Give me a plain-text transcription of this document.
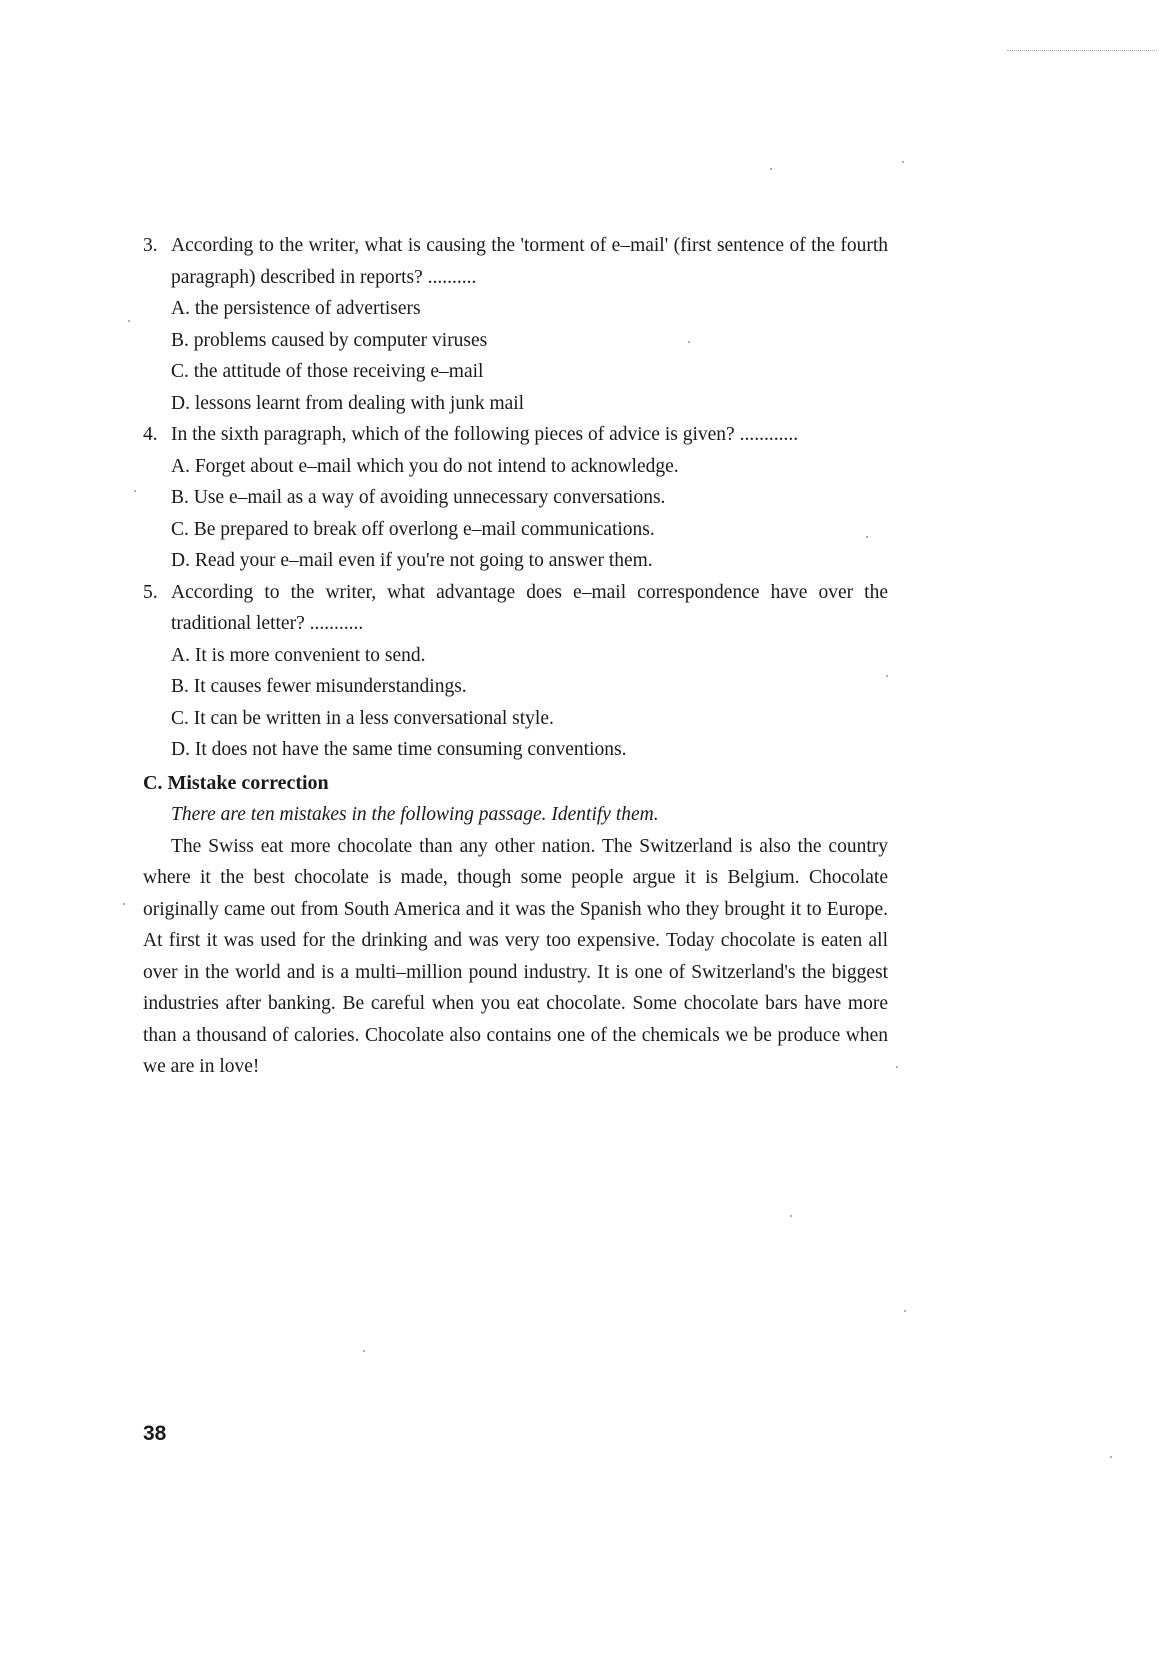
3. According to the writer, what is causing the 'torment of e–mail' (first sentence of the fourth paragraph) described in reports? ..........
A. the persistence of advertisers
B. problems caused by computer viruses
C. the attitude of those receiving e–mail
D. lessons learnt from dealing with junk mail
4. In the sixth paragraph, which of the following pieces of advice is given? ............
A. Forget about e–mail which you do not intend to acknowledge.
B. Use e–mail as a way of avoiding unnecessary conversations.
C. Be prepared to break off overlong e–mail communications.
D. Read your e–mail even if you're not going to answer them.
5. According to the writer, what advantage does e–mail correspondence have over the traditional letter? ...........
A. It is more convenient to send.
B. It causes fewer misunderstandings.
C. It can be written in a less conversational style.
D. It does not have the same time consuming conventions.
C. Mistake correction
There are ten mistakes in the following passage. Identify them.

The Swiss eat more chocolate than any other nation. The Switzerland is also the country where it the best chocolate is made, though some people argue it is Belgium. Chocolate originally came out from South America and it was the Spanish who they brought it to Europe. At first it was used for the drinking and was very too expensive. Today chocolate is eaten all over in the world and is a multi–million pound industry. It is one of Switzerland's the biggest industries after banking. Be careful when you eat chocolate. Some chocolate bars have more than a thousand of calories. Chocolate also contains one of the chemicals we be produce when we are in love!

38
